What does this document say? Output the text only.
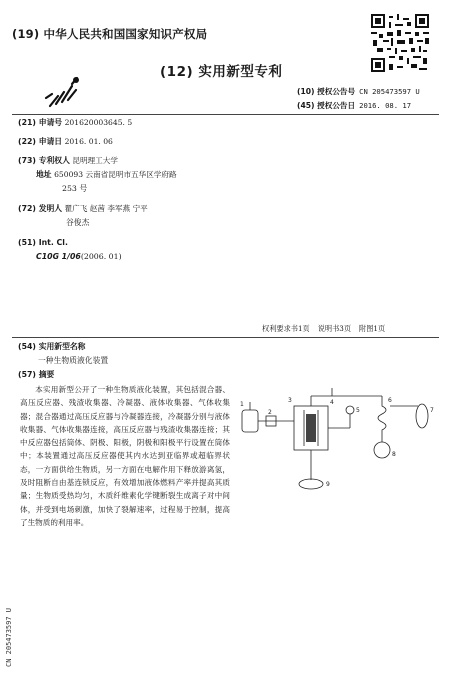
(19) 中华人民共和国国家知识产权局
(12) 实用新型专利
(10) 授权公告号 CN 205473597 U
(45) 授权公告日 2016. 08. 17
(21) 申请号 201620003645. 5
(22) 申请日 2016. 01. 06
(73) 专利权人 昆明理工大学
地址 650093 云南省昆明市五华区学府路
253 号
(72) 发明人 瞿广飞 赵茜 李军燕 宁平
谷俊杰
(51) Int. Cl.
C10G 1/06(2006. 01)
权利要求书1页 说明书3页 附图1页
(54) 实用新型名称
一种生物质液化装置
(57) 摘要
本实用新型公开了一种生物质液化装置，其包括混合器、高压反应器、残渣收集器、冷凝器、液体收集器、气体收集器；混合器通过高压反应器与冷凝器连接，冷凝器分别与液体收集器、气体收集器连接，高压反应器与残渣收集器连接；其中反应器包括筒体、阴极、阳极，阴极和阳极平行设置在筒体中；本装置通过高压反应器使其内水达到亚临界或超临界状态，一方面供给生物质，另一方面在电解作用下释放游离氢，及时阻断自由基连锁反应，有效增加液体燃料产率并提高其质量；生物质受热均匀，木质纤维素化学键断裂生成离子对中间体，并受到电场刺激，加快了裂解速率，过程易于控制，提高了生物质的利用率。
1
2
3	4
5
6
7
8
9
CN 205473597 U
